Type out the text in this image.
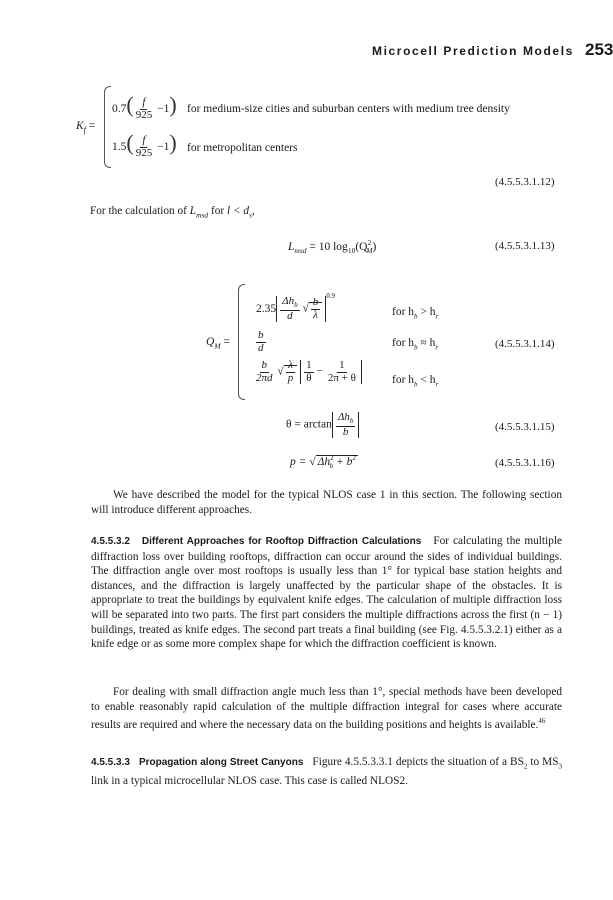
Microcell Prediction Models 253
$K_f$ =
$0.7( \frac{f}{925} -1)$ for medium-size cities and suburban centers with medium tree density
$1.5( \frac{f}{925} -1)$ for metropolitan centers
(4.5.5.3.1.12)
For the calculation of $L_{msd}$ for $l < d_s$,
$L_{msd} = 10$ $\log_{10}(Q^2_M)$	(4.5.5.3.1.13)
$Q_M$ =
$2.35 \frac{\Delta h_b}{d}$ √ $\frac{b}{\lambda}$
$^{0.9}$
for $h_b > h_r$
$\frac{b}{d}$	for $h_b \approx h_r$	(4.5.5.3.1.14)
$\frac{b}{2\pi d}$ √ $\frac{\lambda}{p}$
$\frac{1}{\theta} - \frac{1}{2\pi + \theta}$	for $h_b < h_r$
$\theta = \arctan \frac{\Delta h_b}{b}$	(4.5.5.3.1.15)
p = √ $\Delta h^2_b + b^2$	(4.5.5.3.1.16)
We have described the model for the typical NLOS case 1 in this section. The following section will introduce different approaches.
4.5.5.3.2 Different Approaches for Rooftop Diffraction Calculations For calculating the multiple diffraction loss over building rooftops, diffraction can occur around the sides of individual buildings. The diffraction angle over most rooftops is usually less than 1° for typical base station heights and distances, and the diffraction is largely unaffected by the particular shape of the obstacles. It is appropriate to treat the buildings by equivalent knife edges. The calculation of multiple diffraction loss will be separated into two parts. The first part considers the multiple diffractions across the first (n − 1) buildings, treated as knife edges. The second part treats a final building (see Fig. 4.5.5.3.2.1) either as a knife edge or as some more complex shape for which the diffraction coefficient is known.
For dealing with small diffraction angle much less than 1°, special methods have been developed to enable reasonably rapid calculation of the multiple diffraction integral for cases where accurate results are required and where the necessary data on the building positions and heights is available.$^{46}$
4.5.5.3.3 Propagation along Street Canyons Figure 4.5.5.3.3.1 depicts the situation of a $BS_2$ to $MS_3$ link in a typical microcellular NLOS case. This case is called NLOS2.
